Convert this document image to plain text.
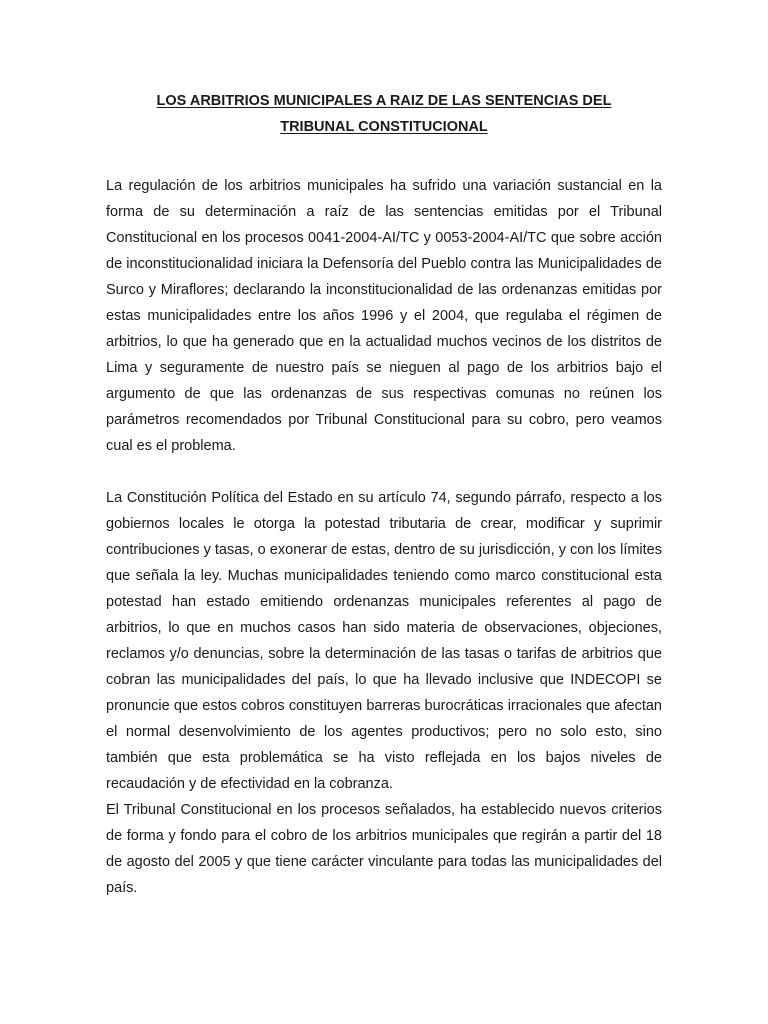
LOS ARBITRIOS MUNICIPALES A RAIZ DE LAS SENTENCIAS DEL

TRIBUNAL CONSTITUCIONAL

La regulación de los arbitrios municipales ha sufrido una variación sustancial en la forma de su determinación a raíz de las sentencias emitidas por el Tribunal Constitucional en los procesos 0041-2004-AI/TC y 0053-2004-AI/TC que sobre acción de inconstitucionalidad iniciara la Defensoría del Pueblo contra las Municipalidades de Surco y Miraflores; declarando la inconstitucionalidad de las ordenanzas emitidas por estas municipalidades entre los años 1996 y el 2004, que regulaba el régimen de arbitrios, lo que ha generado que en la actualidad muchos vecinos de los distritos de Lima y seguramente de nuestro país se nieguen al pago de los arbitrios bajo el argumento de que las ordenanzas de sus respectivas comunas no reúnen los parámetros recomendados por Tribunal Constitucional para su cobro, pero veamos cual es el problema.

La Constitución Política del Estado en su artículo 74, segundo párrafo, respecto a los gobiernos locales le otorga la potestad tributaria de crear, modificar y suprimir contribuciones y tasas, o exonerar de estas, dentro de su jurisdicción, y con los límites que señala la ley. Muchas municipalidades teniendo como marco constitucional esta potestad han estado emitiendo ordenanzas municipales referentes al pago de arbitrios, lo que en muchos casos han sido materia de observaciones, objeciones, reclamos y/o denuncias, sobre la determinación de las tasas o tarifas de arbitrios que cobran las municipalidades del país, lo que ha llevado inclusive que INDECOPI se pronuncie que estos cobros constituyen barreras burocráticas irracionales que afectan el normal desenvolvimiento de los agentes productivos; pero no solo esto, sino también que esta problemática se ha visto reflejada en los bajos niveles de recaudación y de efectividad en la cobranza.

El Tribunal Constitucional en los procesos señalados, ha establecido nuevos criterios de forma y fondo para el cobro de los arbitrios municipales que regirán a partir del 18 de agosto del 2005 y que tiene carácter vinculante para todas las municipalidades del país.
